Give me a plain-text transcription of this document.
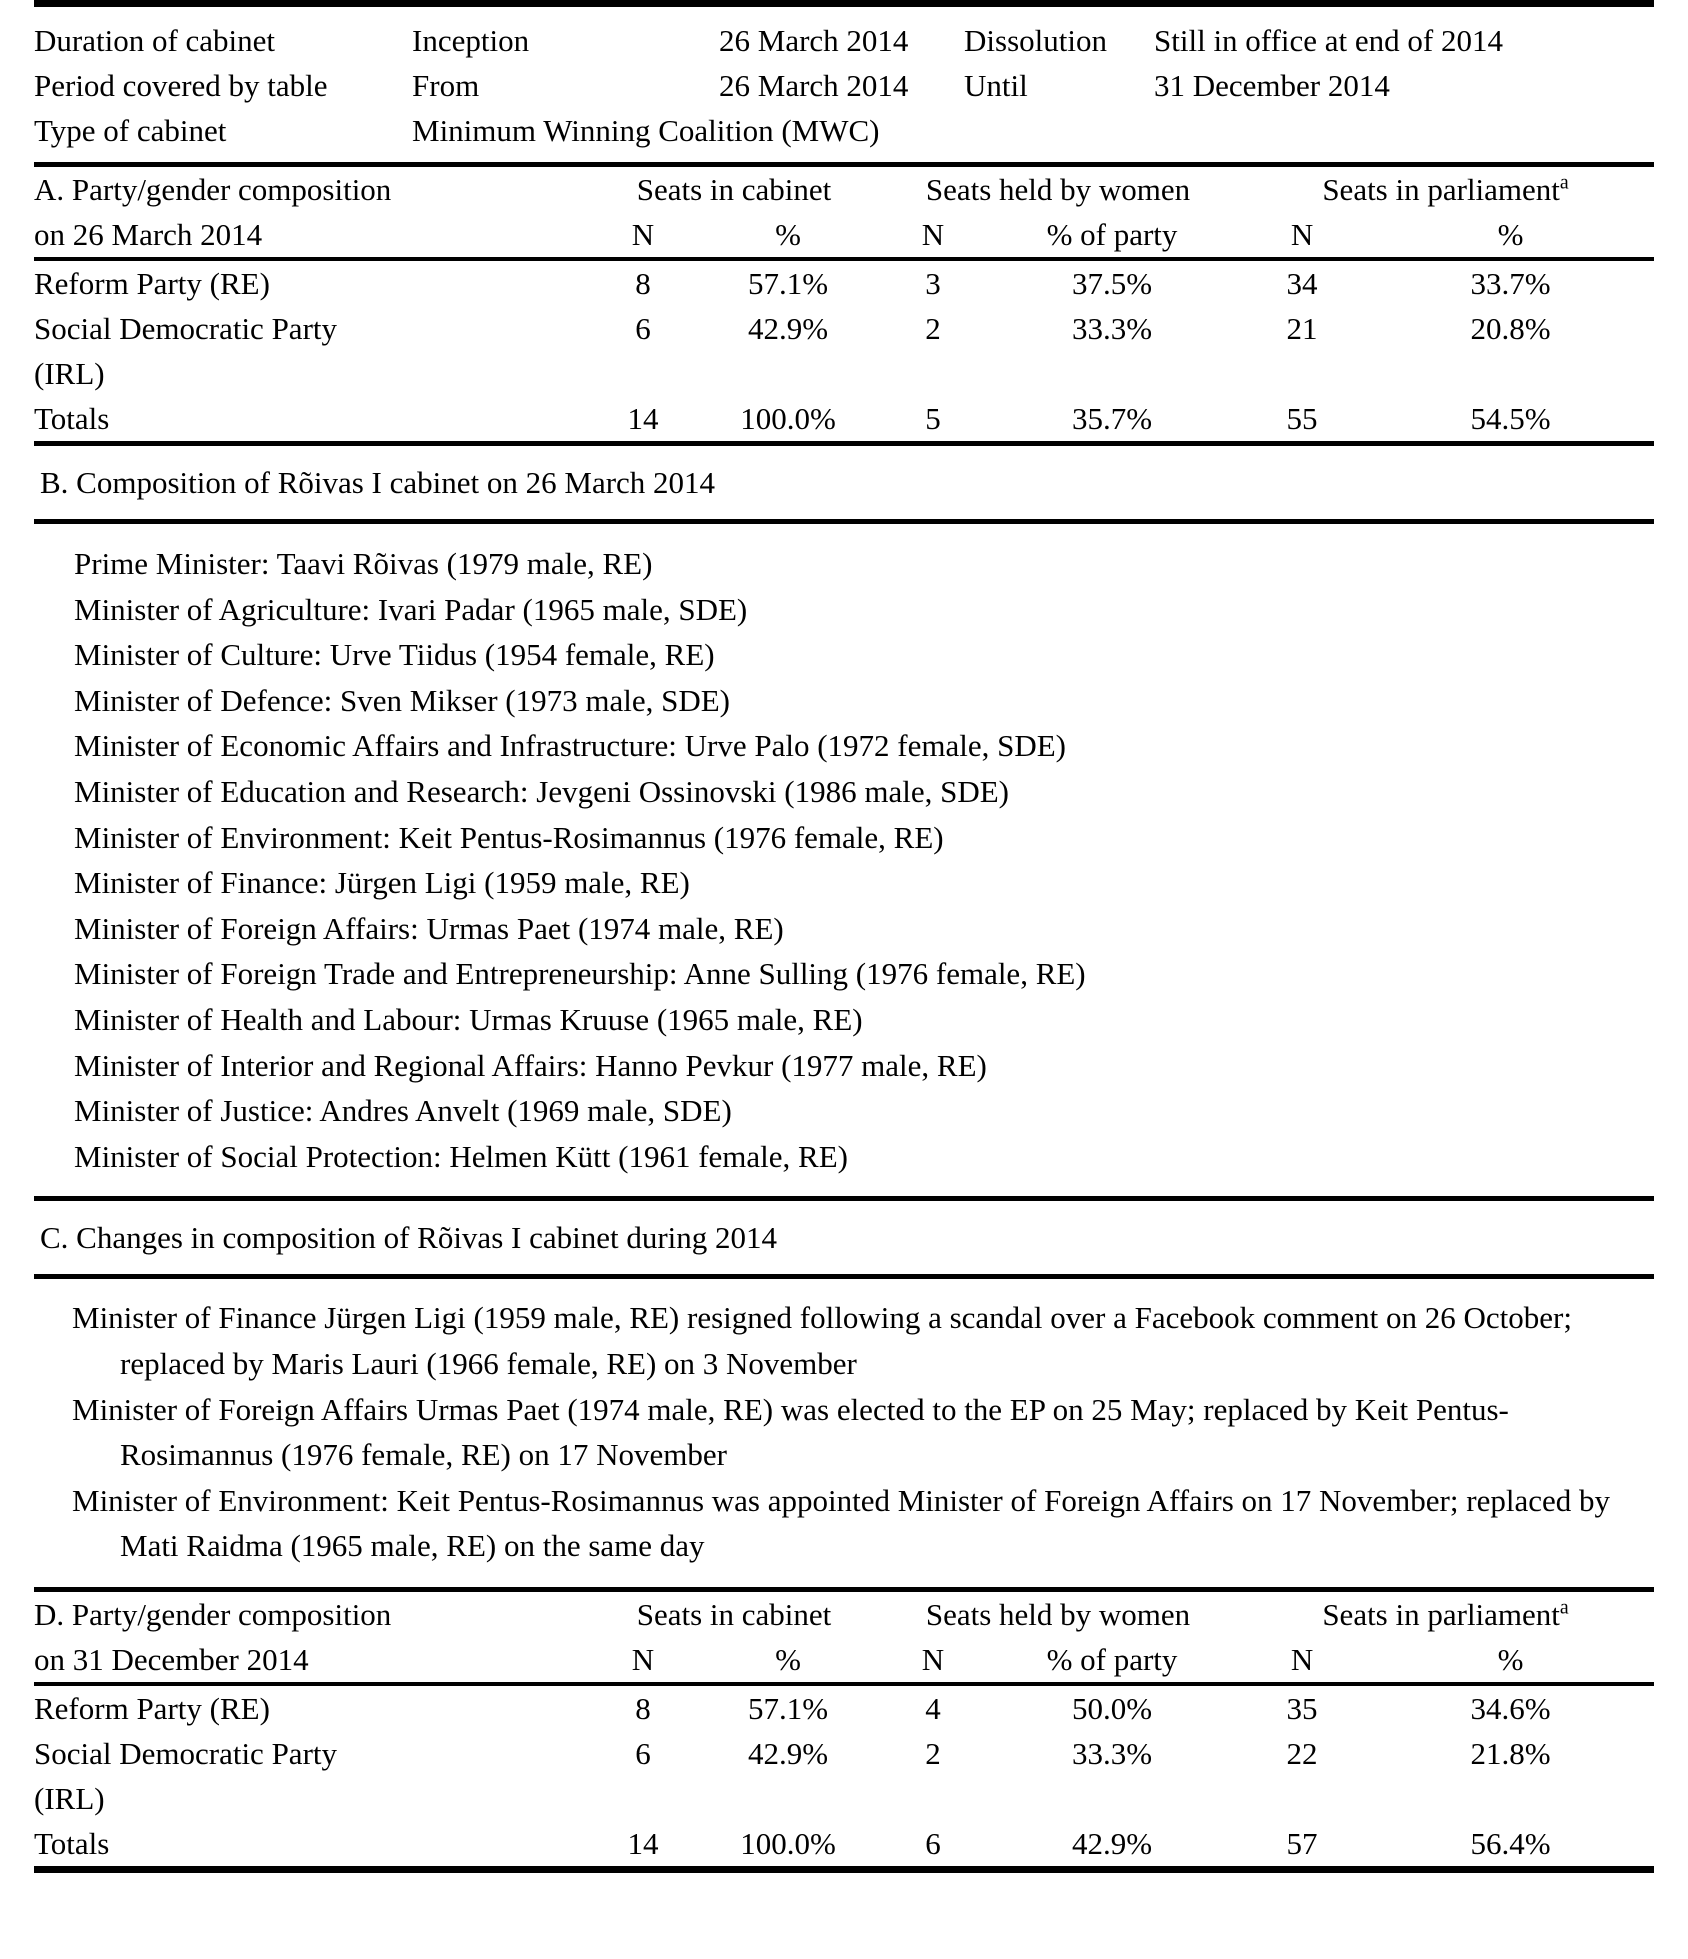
Duration of cabinet	Inception	26 March 2014	Dissolution	Still in office at end of 2014
Period covered by table	From	26 March 2014	Until	31 December 2014
Type of cabinet	Minimum Winning Coalition (MWC)
A. Party/gender composition	Seats in cabinet		Seats held by women		Seats in parliament$^a$
on 26 March 2014	N	%	N	% of party	N	%
Reform Party (RE)	8	57.1%	3	37.5%	34	33.7%
Social Democratic Party	6	42.9%	2	33.3%	21	20.8%
(IRL)						
Totals	14	100.0%	5	35.7%	55	54.5%
B. Composition of Rõivas I cabinet on 26 March 2014
Prime Minister: Taavi Rõivas (1979 male, RE)
Minister of Agriculture: Ivari Padar (1965 male, SDE)
Minister of Culture: Urve Tiidus (1954 female, RE)
Minister of Defence: Sven Mikser (1973 male, SDE)
Minister of Economic Affairs and Infrastructure: Urve Palo (1972 female, SDE)
Minister of Education and Research: Jevgeni Ossinovski (1986 male, SDE)
Minister of Environment: Keit Pentus-Rosimannus (1976 female, RE)
Minister of Finance: Jürgen Ligi (1959 male, RE)
Minister of Foreign Affairs: Urmas Paet (1974 male, RE)
Minister of Foreign Trade and Entrepreneurship: Anne Sulling (1976 female, RE)
Minister of Health and Labour: Urmas Kruuse (1965 male, RE)
Minister of Interior and Regional Affairs: Hanno Pevkur (1977 male, RE)
Minister of Justice: Andres Anvelt (1969 male, SDE)
Minister of Social Protection: Helmen Kütt (1961 female, RE)
C. Changes in composition of Rõivas I cabinet during 2014
Minister of Finance Jürgen Ligi (1959 male, RE) resigned following a scandal over a Facebook comment on 26 October; replaced by Maris Lauri (1966 female, RE) on 3 November
Minister of Foreign Affairs Urmas Paet (1974 male, RE) was elected to the EP on 25 May; replaced by Keit Pentus-Rosimannus (1976 female, RE) on 17 November
Minister of Environment: Keit Pentus-Rosimannus was appointed Minister of Foreign Affairs on 17 November; replaced by Mati Raidma (1965 male, RE) on the same day
D. Party/gender composition	Seats in cabinet		Seats held by women		Seats in parliament$^a$
on 31 December 2014	N	%	N	% of party	N	%
Reform Party (RE)	8	57.1%	4	50.0%	35	34.6%
Social Democratic Party	6	42.9%	2	33.3%	22	21.8%
(IRL)						
Totals	14	100.0%	6	42.9%	57	56.4%
